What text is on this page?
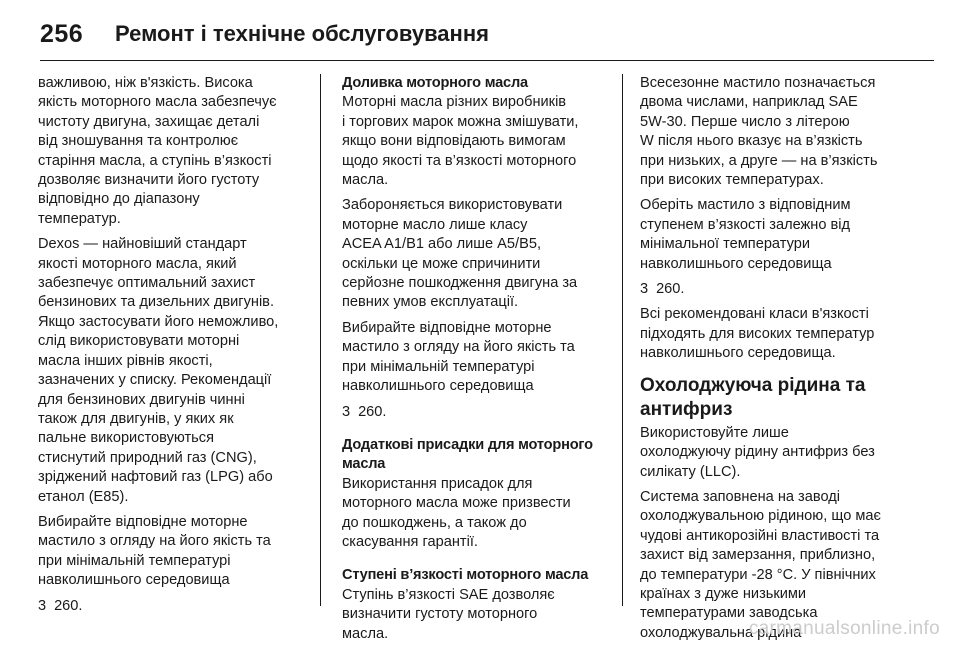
256	Ремонт і технічне обслуговування

важливою, ніж в'язкість. Висока
якість моторного масла забезпечує
чистоту двигуна, захищає деталі
від зношування та контролює
старіння масла, а ступінь в’язкості
дозволяє визначити його густоту
відповідно до діапазону
температур.

Dexos — найновіший стандарт
якості моторного масла, який
забезпечує оптимальний захист
бензинових та дизельних двигунів.
Якщо застосувати його неможливо,
слід використовувати моторні
масла інших рівнів якості,
зазначених у списку. Рекомендації
для бензинових двигунів чинні
також для двигунів, у яких як
пальне використовуються
стиснутий природний газ (CNG),
зріджений нафтовий газ (LPG) або
етанол (E85).

Вибирайте відповідне моторне
мастило з огляду на його якість та
при мінімальній температурі
навколишнього середовища

3 260.

Доливка моторного масла

Моторні масла різних виробників
і торгових марок можна змішувати,
якщо вони відповідають вимогам
щодо якості та в’язкості моторного
масла.

Забороняється використовувати
моторне масло лише класу
ACEA A1/B1 або лише A5/B5,
оскільки це може спричинити
серйозне пошкодження двигуна за
певних умов експлуатації.

Вибирайте відповідне моторне
мастило з огляду на його якість та
при мінімальній температурі
навколишнього середовища

3 260.

Додаткові присадки для моторного
масла

Використання присадок для
моторного масла може призвести
до пошкоджень, а також до
скасування гарантії.

Ступені в’язкості моторного масла

Ступінь в’язкості SAE дозволяє
визначити густоту моторного
масла.

Всесезонне мастило позначається
двома числами, наприклад SAE
5W-30. Перше число з літерою
W після нього вказує на в’язкість
при низьких, а друге — на в’язкість
при високих температурах.

Оберіть мастило з відповідним
ступенем в’язкості залежно від
мінімальної температури
навколишнього середовища

3 260.

Всі рекомендовані класи в'язкості
підходять для високих температур
навколишнього середовища.

Охолоджуюча рідина та
антифриз

Використовуйте лише
охолоджуючу рідину антифриз без
силікату (LLC).

Система заповнена на заводі
охолоджувальною рідиною, що має
чудові антикорозійні властивості та
захист від замерзання, приблизно,
до температури -28 °C. У північних
країнах з дуже низькими
температурами заводська
охолоджувальна рідина

carmanualsonline.info
